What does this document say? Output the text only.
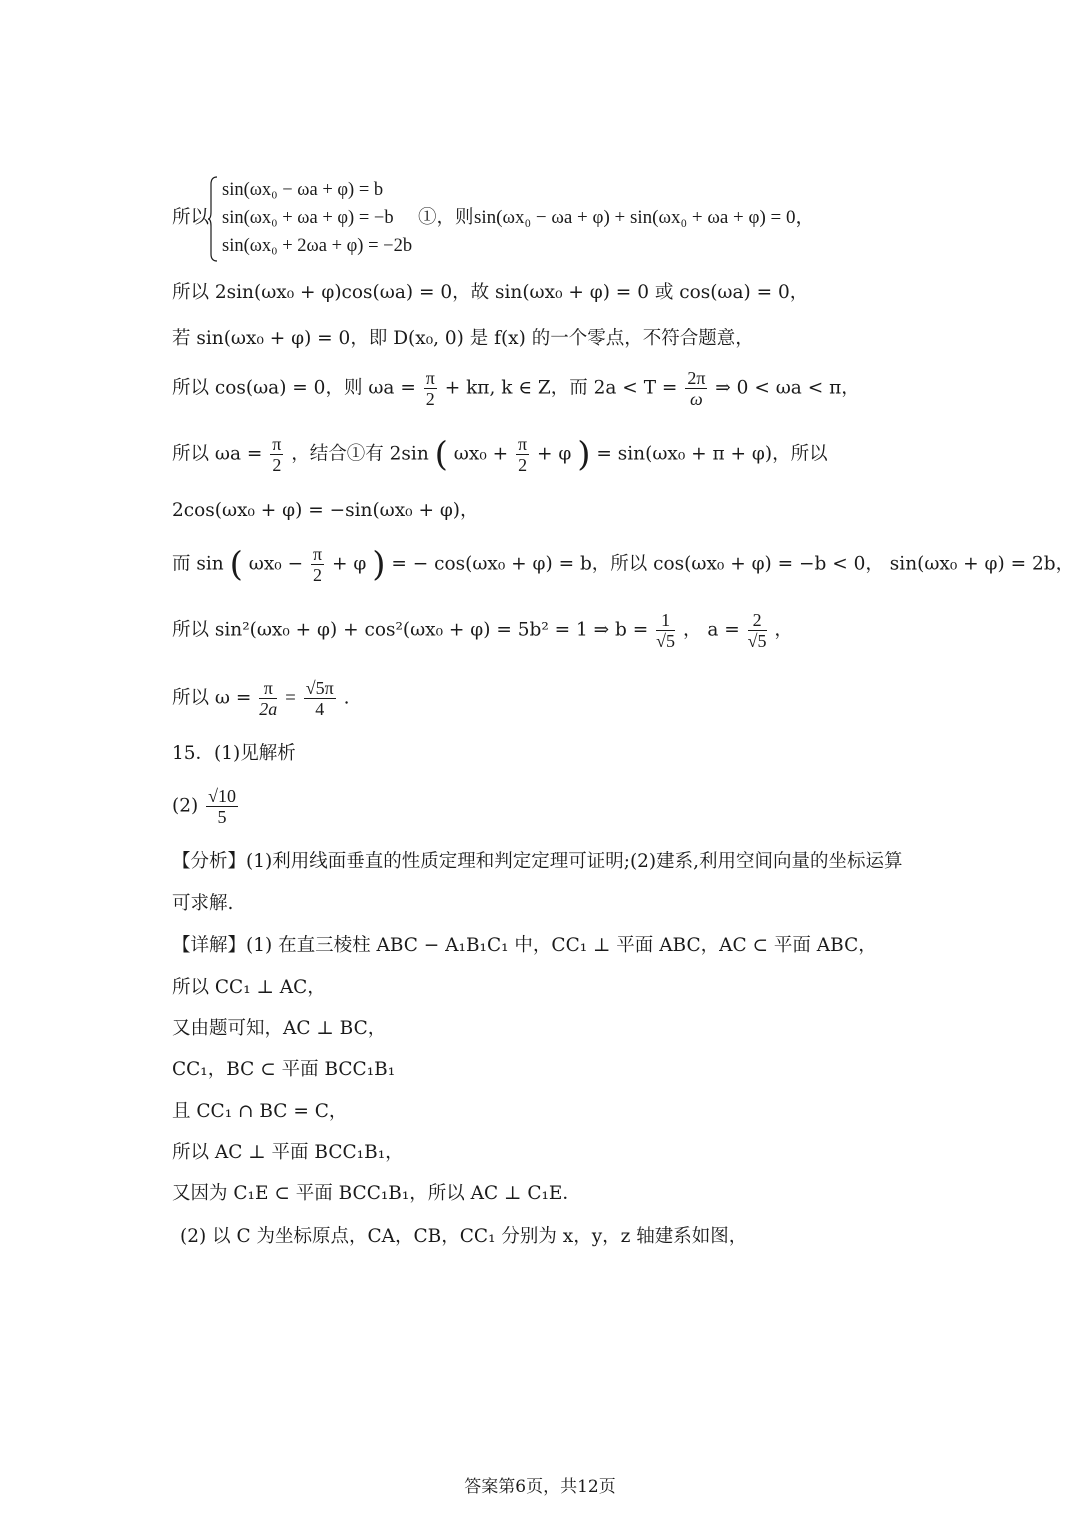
所以
sin(ωx₀ − ωa + φ) = b
sin(ωx₀ + ωa + φ) = −b
sin(ωx₀ + 2ωa + φ) = −2b
①，则 sin(ωx₀ − ωa + φ) + sin(ωx₀ + ωa + φ) = 0，
所以 2sin(ωx₀ + φ)cos(ωa) = 0，故 sin(ωx₀ + φ) = 0 或 cos(ωa) = 0，
若 sin(ωx₀ + φ) = 0，即 D(x₀, 0) 是 f(x) 的一个零点，不符合题意，
所以 cos(ωa) = 0，则 $\omega a = \frac{\pi}{2} + k\pi$, k ∈ Z，而 $2a < T = \frac{2\pi}{\omega}$ ⇒ 0 < ωa < π，
所以 $\omega a = \frac{\pi}{2}$ ，结合①有 2sin ( $\omega x_0 + \frac{\pi}{2} + \varphi$ ) = sin(ωx₀ + π + φ)，所以
2cos(ωx₀ + φ) = −sin(ωx₀ + φ)，
而 sin ( $\omega x_0 - \frac{\pi}{2} + \varphi$ ) = − cos(ωx₀ + φ) = b，所以 cos(ωx₀ + φ) = −b < 0， sin(ωx₀ + φ) = 2b，
所以 sin²(ωx₀ + φ) + cos²(ωx₀ + φ) = 5b² = 1 ⇒ $b = \frac{1}{√5}$ ， $a = \frac{2}{√5}$ ，
所以 $\omega = \frac{\pi}{2a} = \frac{√5\pi}{4}$ .
15．(1)见解析
$(2) \frac{√10}{5}$
【分析】(1)利用线面垂直的性质定理和判定定理可证明;(2)建系,利用空间向量的坐标运算
可求解.
【详解】(1) 在直三棱柱 ABC − A₁B₁C₁ 中，CC₁ ⊥ 平面 ABC，AC ⊂ 平面 ABC，
所以 CC₁ ⊥ AC，
又由题可知，AC ⊥ BC，
CC₁，BC ⊂ 平面 BCC₁B₁
且 CC₁ ∩ BC = C，
所以 AC ⊥ 平面 BCC₁B₁，
又因为 C₁E ⊂ 平面 BCC₁B₁，所以 AC ⊥ C₁E．
(2) 以 C 为坐标原点，CA，CB，CC₁ 分别为 x，y，z 轴建系如图，
答案第6页，共12页
